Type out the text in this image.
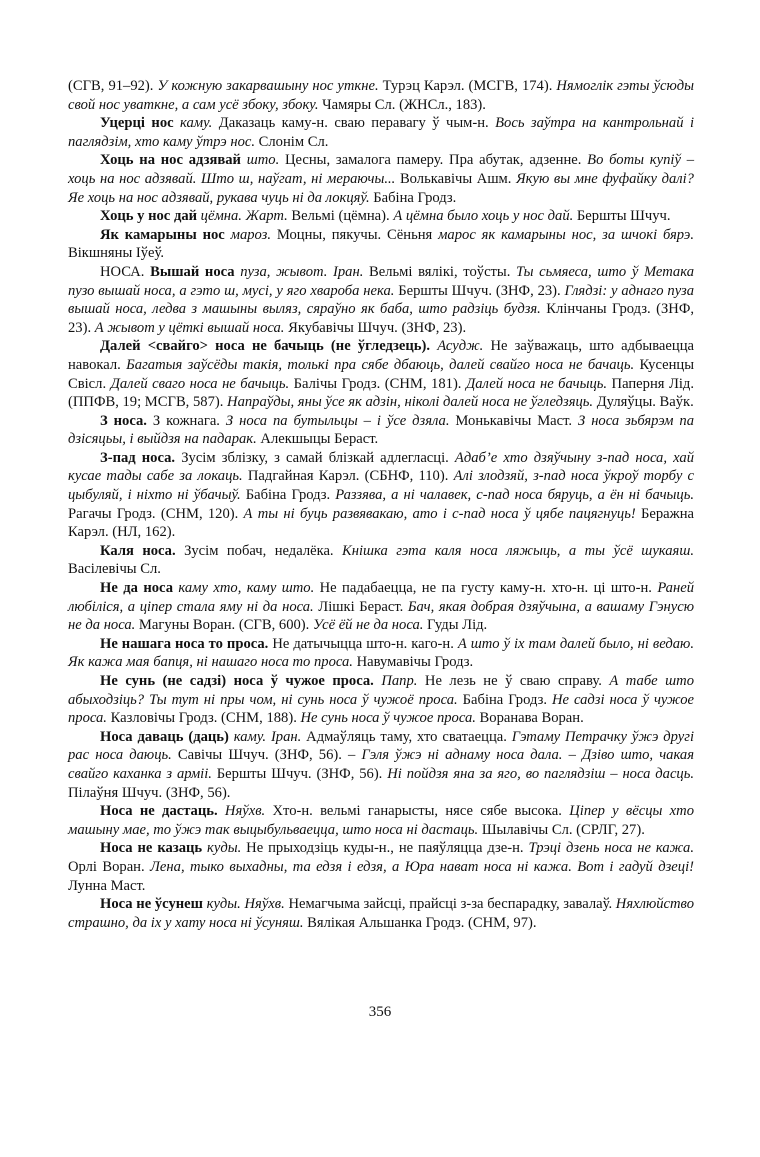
(СГВ, 91–92). У кожную закарвашыну нос уткне. Турэц Карэл. (МСГВ, 174). Нямоглік гэты ўсюды свой нос уваткне, а сам усё збоку, збоку. Чамяры Сл. (ЖНСл., 183).

Уцерці нос каму. Даказаць каму-н. сваю перавагу ў чым-н. Вось заўтра на кантрольнай і паглядзім, хто каму ўтрэ нос. Слонім Сл.

Хоць на нос адзявай што. Цесны, замалога памеру. Пра абутак, адзенне. Во боты купіў – хоць на нос адзявай. Што ш, наўгат, ні мераючы... Волькавічы Ашм. Якую вы мне фуфайку далі? Яе хоць на нос адзявай, рукава чуць ні да локцяў. Бабіна Гродз.

Хоць у нос дай цёмна. Жарт. Вельмі (цёмна). А цёмна было хоць у нос дай. Бершты Шчуч.

Як камарыны нос мароз. Моцны, пякучы. Сёньня марос як камарыны нос, за шчокі бярэ. Вікшняны Іўеў.

НОСА. Вышай носа пуза, жывот. Іран. Вельмі вялікі, тоўсты. Ты сьмяеса, што ў Метака пузо вышай носа, а гэто ш, мусі, у яго хвароба нека. Бершты Шчуч. (ЗНФ, 23). Глядзі: у аднаго пуза вышай носа, ледва з машыны выляз, сяраўно як баба, што радзіць будзя. Клінчаны Гродз. (ЗНФ, 23). А жывот у цёткі вышай носа. Якубавічы Шчуч. (ЗНФ, 23).

Далей <свайго> носа не бачыць (не ўгледзець). Асудж. Не заўважаць, што адбываецца навокал. Багатыя заўсёды такія, толькі пра сябе дбаюць, далей свайго носа не бачаць. Кусенцы Свісл. Далей сваго носа не бачыць. Балічы Гродз. (СНМ, 181). Далей носа не бачыць. Паперня Лід. (ППФВ, 19; МСГВ, 587). Напраўды, яны ўсе як адзін, ніколі далей носа не ўгледзяць. Дуляўцы. Ваўк.

З носа. З кожнага. З носа па бутыльцы – і ўсе дзяла. Монькавічы Маст. З носа зьбярэм па дзісяцьы, і выйдзя на падарак. Алекшыцы Бераст.

З-пад носа. Зусім зблізку, з самай блізкай адлегласці. Адаб’е хто дзяўчыну з-пад носа, хай кусае тады сабе за локаць. Падгайная Карэл. (СБНФ, 110). Алі злодзяй, з-пад носа ўкроў торбу с цыбуляй, і ніхто ні ўбачыў. Бабіна Гродз. Раззява, а ні чалавек, с-пад носа бяруць, а ён ні бачыць. Рагачы Гродз. (СНМ, 120). А ты ні буць развявакаю, ато і с-пад носа ў цябе пацягнуць! Беражна Карэл. (НЛ, 162).

Каля носа. Зусім побач, недалёка. Кнішка гэта каля носа ляжыць, а ты ўсё шукаяш. Васілевічы Сл.

Не да носа каму хто, каму што. Не падабаецца, не па густу каму-н. хто-н. ці што-н. Раней любіліся, а ціпер стала яму ні да носа. Лішкі Бераст. Бач, якая добрая дзяўчына, а вашаму Гэнусю не да носа. Магуны Воран. (СГВ, 600). Усё ёй не да носа. Гуды Лід.

Не нашага носа то проса. Не датычыцца што-н. каго-н. А што ў іх там далей было, ні ведаю. Як кажа мая бапця, ні нашаго носа то проса. Навумавічы Гродз.

Не сунь (не садзі) носа ў чужое проса. Папр. Не лезь не ў сваю справу. А табе што абыходзіць? Ты тут ні пры чом, ні сунь носа ў чужоё проса. Бабіна Гродз. Не садзі носа ў чужое проса. Казловічы Гродз. (СНМ, 188). Не сунь носа ў чужое проса. Воранава Воран.

Носа даваць (даць) каму. Іран. Адмаўляць таму, хто сватаецца. Гэтаму Петрачку ўжэ другі рас носа даюць. Савічы Шчуч. (ЗНФ, 56). – Гэля ўжэ ні аднаму носа дала. – Дзіво што, чакая свайго каханка з арміі. Бершты Шчуч. (ЗНФ, 56). Ні пойдзя яна за яго, во паглядзіш – носа дасць. Пілаўня Шчуч. (ЗНФ, 56).

Носа не дастаць. Няўхв. Хто-н. вельмі ганарысты, нясе сябе высока. Ціпер у вёсцы хто машыну мае, то ўжэ так выцыбульваецца, што носа ні дастаць. Шылавічы Сл. (СРЛГ, 27).

Носа не казаць куды. Не прыходзіць куды-н., не паяўляцца дзе-н. Трэці дзень носа не кажа. Орлі Воран. Лена, тыко выхадны, та едзя і едзя, а Юра нават носа ні кажа. Вот і гадуй дзеці! Лунна Маст.

Носа не ўсунеш куды. Няўхв. Немагчыма зайсці, прайсці з-за беспарадку, завалаў. Няхлюйство страшно, да іх у хату носа ні ўсуняш. Вялікая Альшанка Гродз. (СНМ, 97).

356
